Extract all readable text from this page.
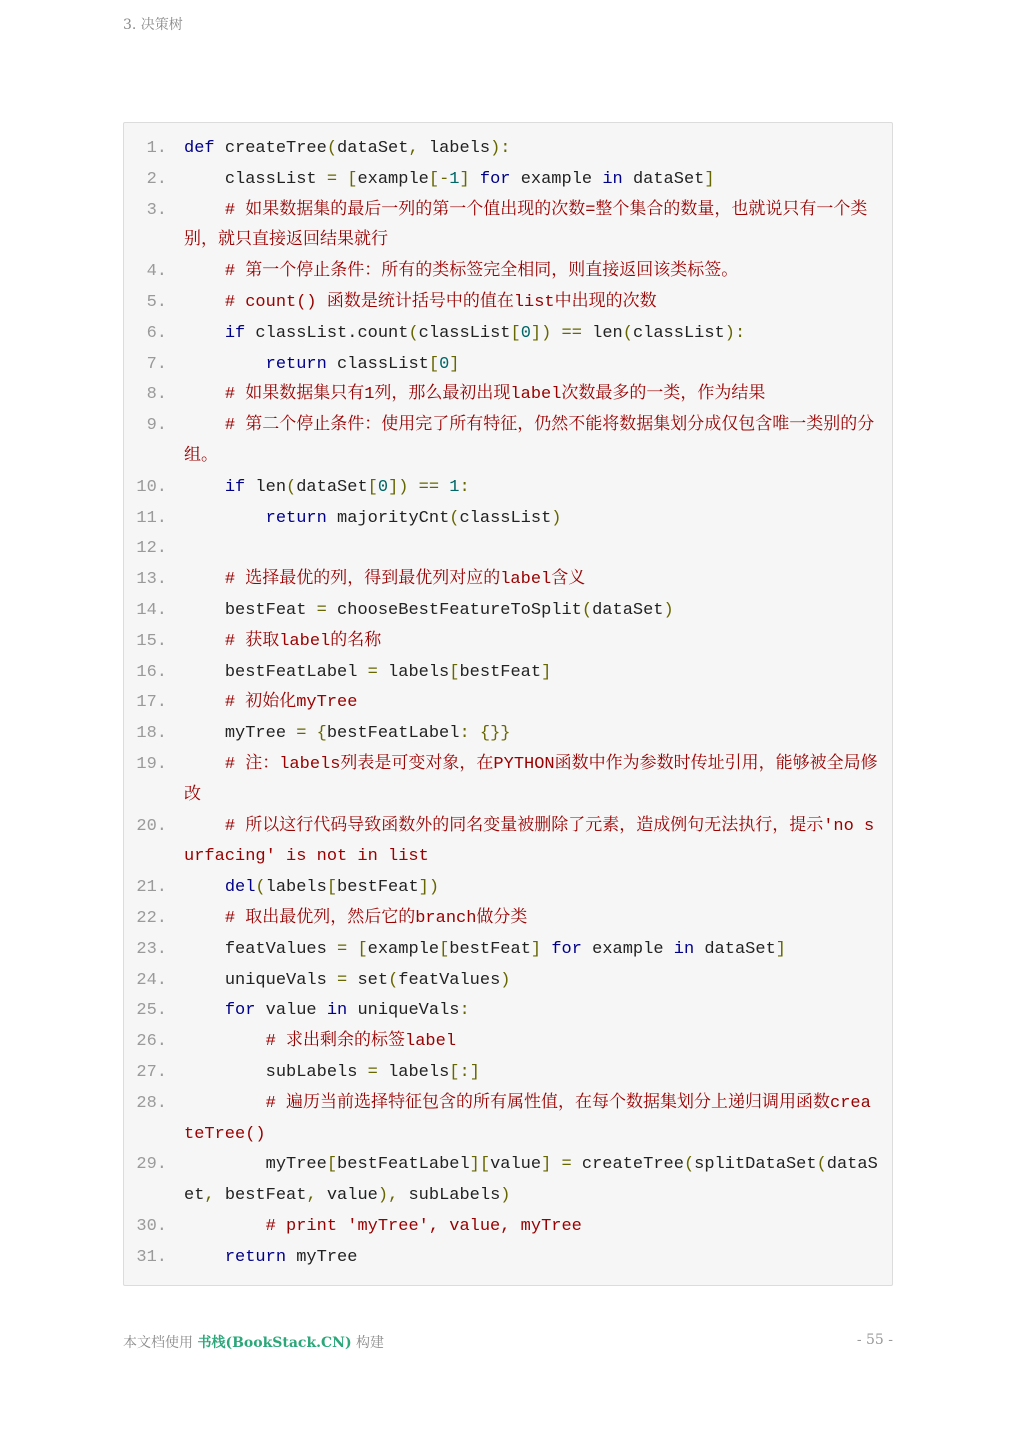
3. 决策树
1. def createTree(dataSet, labels):
2.	classList = [example[-1] for example in dataSet]
3.	# 如果数据集的最后一列的第一个值出现的次数=整个集合的数量，也就说只有一个类别，就只直接返回结果就行
4.	# 第一个停止条件：所有的类标签完全相同，则直接返回该类标签。
5.	# count() 函数是统计括号中的值在list中出现的次数
6.	if classList.count(classList[0]) == len(classList):
7.	return classList[0]
8.	# 如果数据集只有1列，那么最初出现label次数最多的一类，作为结果
9.	# 第二个停止条件：使用完了所有特征，仍然不能将数据集划分成仅包含唯一类别的分组。
10.	if len(dataSet[0]) == 1:
11.	return majorityCnt(classList)
12.

13.	# 选择最优的列，得到最优列对应的label含义
14.	bestFeat = chooseBestFeatureToSplit(dataSet)
15.	# 获取label的名称
16.	bestFeatLabel = labels[bestFeat]
17.	# 初始化myTree
18.	myTree = {bestFeatLabel: {}}
19.	# 注：labels列表是可变对象，在PYTHON函数中作为参数时传址引用，能够被全局修改
20.	# 所以这行代码导致函数外的同名变量被删除了元素，造成例句无法执行，提示'no surfacing' is not in list
21.	del(labels[bestFeat])
22.	# 取出最优列，然后它的branch做分类
23.	featValues = [example[bestFeat] for example in dataSet]
24.	uniqueVals = set(featValues)
25.	for value in uniqueVals:
26.	# 求出剩余的标签label
27.	subLabels = labels[:]
28.	# 遍历当前选择特征包含的所有属性值，在每个数据集划分上递归调用函数createTree()
29.	myTree[bestFeatLabel][value] = createTree(splitDataSet(dataSet, bestFeat, value), subLabels)
30.	# print 'myTree', value, myTree
31.	return myTree
本文档使用 书栈(BookStack.CN) 构建	- 55 -
